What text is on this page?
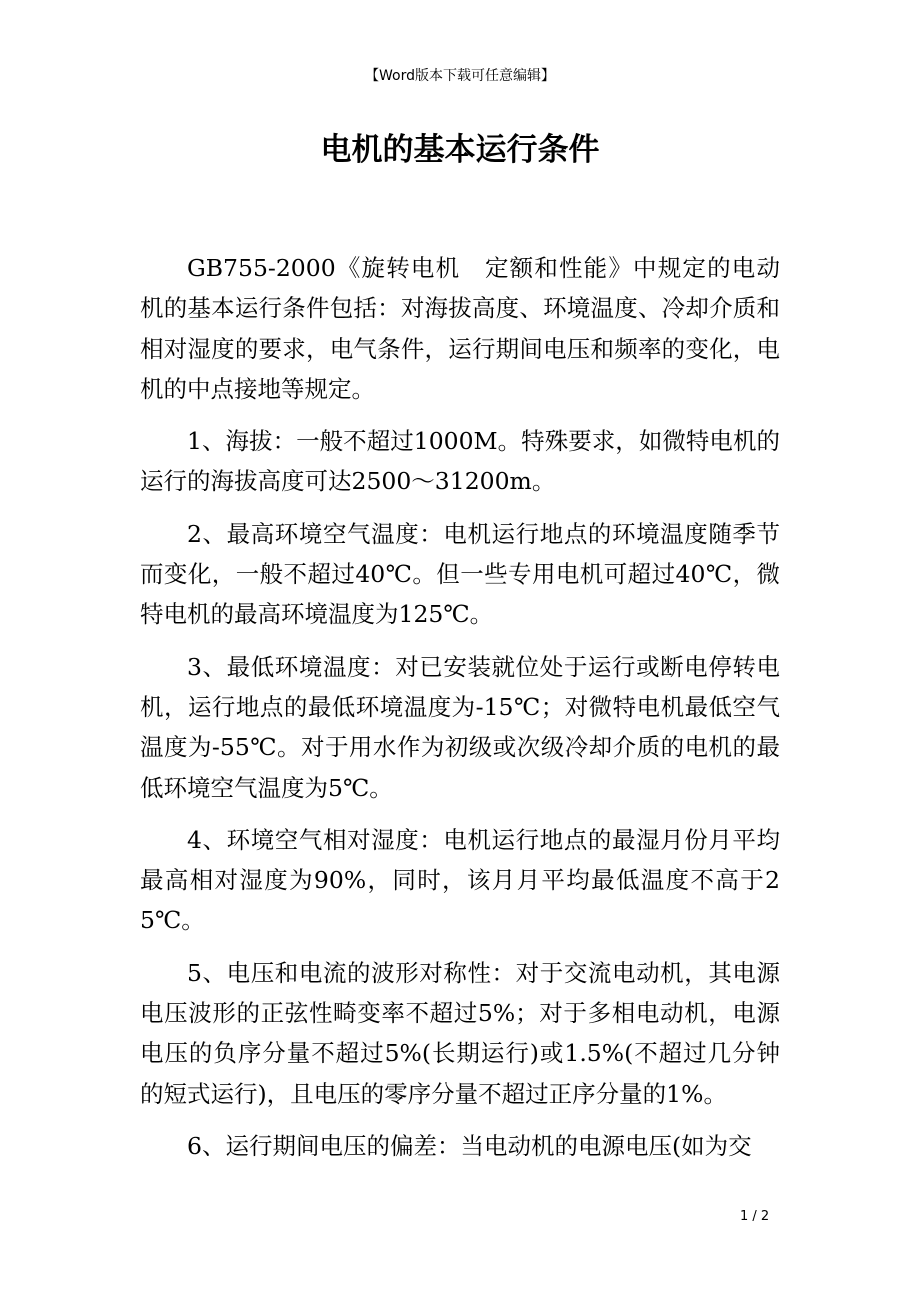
【Word版本下载可任意编辑】
电机的基本运行条件

GB755-2000《旋转电机　定额和性能》中规定的电动机的基本运行条件包括：对海拔高度、环境温度、冷却介质和相对湿度的要求，电气条件，运行期间电压和频率的变化，电机的中点接地等规定。

1、海拔：一般不超过1000M。特殊要求，如微特电机的运行的海拔高度可达2500～31200m。

2、最高环境空气温度：电机运行地点的环境温度随季节而变化，一般不超过40℃。但一些专用电机可超过40℃，微特电机的最高环境温度为125℃。

3、最低环境温度：对已安装就位处于运行或断电停转电机，运行地点的最低环境温度为-15℃；对微特电机最低空气温度为-55℃。对于用水作为初级或次级冷却介质的电机的最低环境空气温度为5℃。

4、环境空气相对湿度：电机运行地点的最湿月份月平均最高相对湿度为90%，同时，该月月平均最低温度不高于25℃。

5、电压和电流的波形对称性：对于交流电动机，其电源电压波形的正弦性畸变率不超过5%；对于多相电动机，电源电压的负序分量不超过5%(长期运行)或1.5%(不超过几分钟的短式运行)，且电压的零序分量不超过正序分量的1%。

6、运行期间电压的偏差：当电动机的电源电压(如为交

1 / 2
